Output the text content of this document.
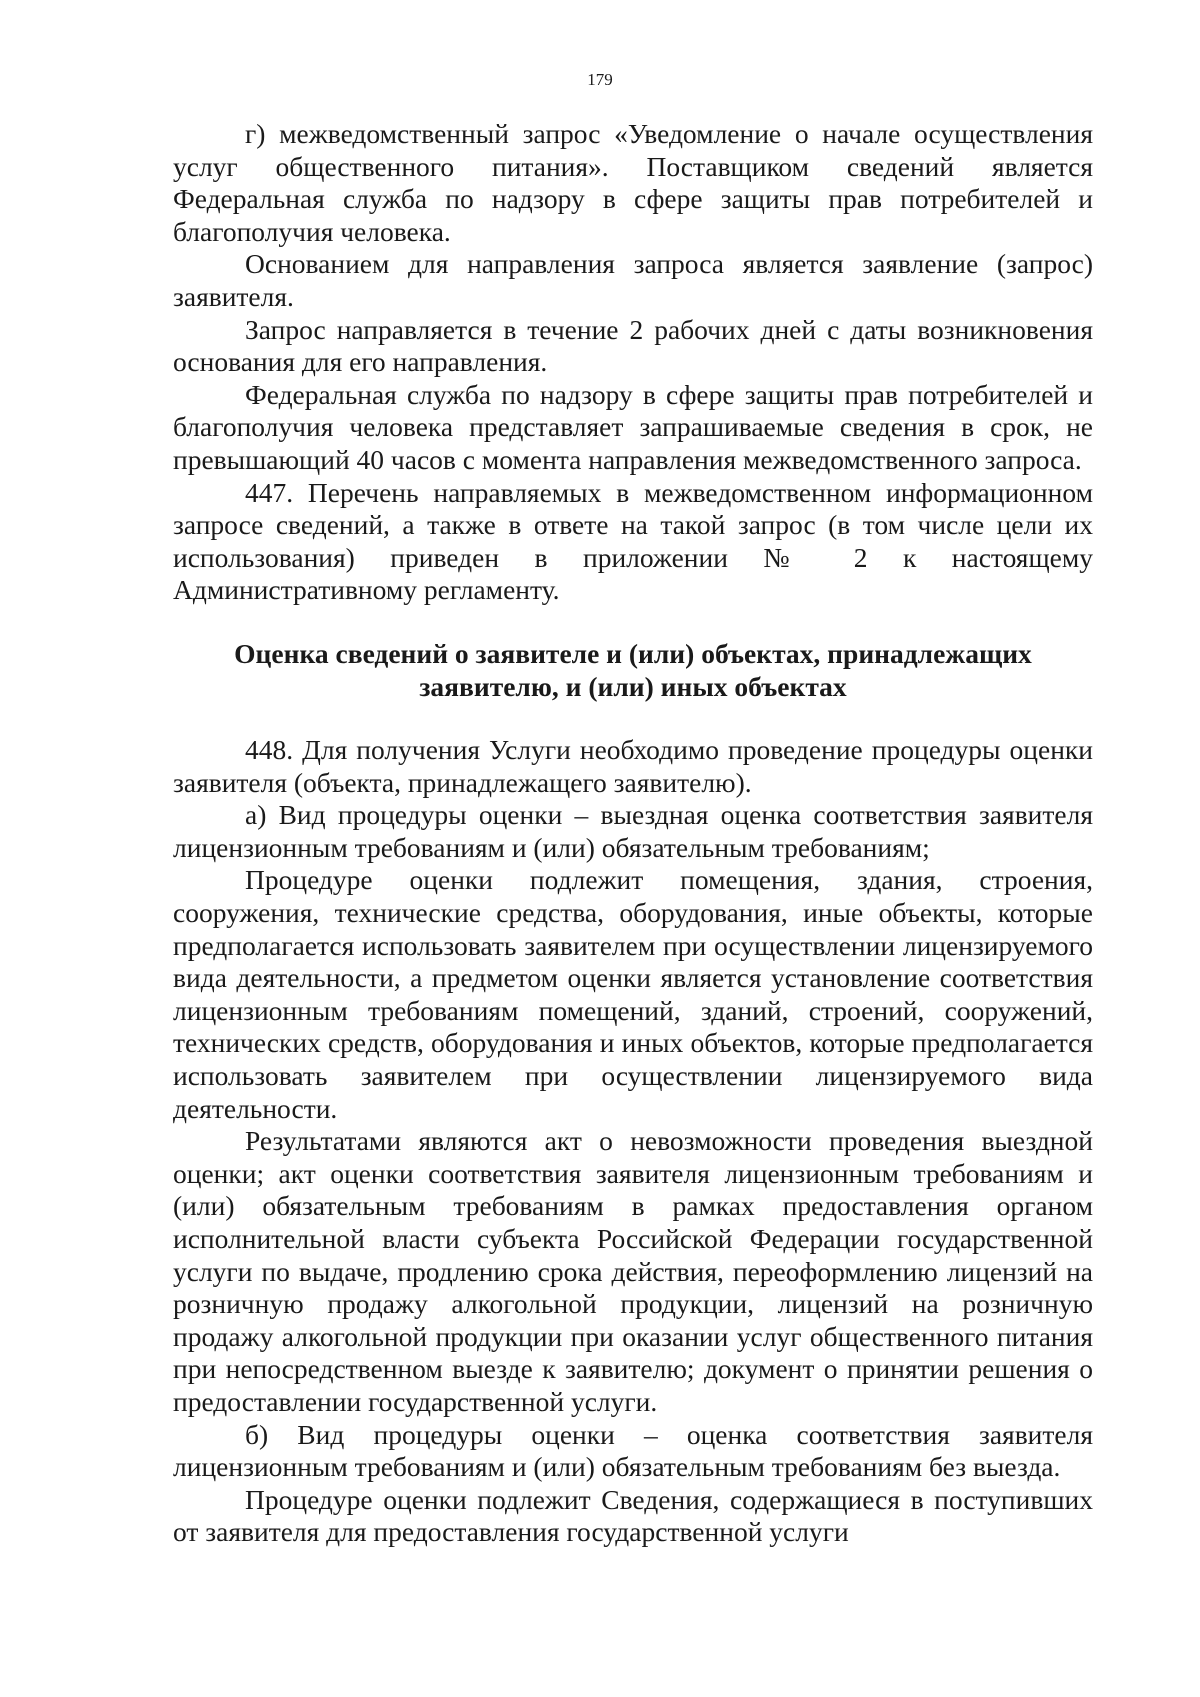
179

г) межведомственный запрос «Уведомление о начале осуществления услуг общественного питания». Поставщиком сведений является Федеральная служба по надзору в сфере защиты прав потребителей и благополучия человека.

Основанием для направления запроса является заявление (запрос) заявителя.

Запрос направляется в течение 2 рабочих дней с даты возникновения основания для его направления.

Федеральная служба по надзору в сфере защиты прав потребителей и благополучия человека представляет запрашиваемые сведения в срок, не превышающий 40 часов с момента направления межведомственного запроса.

447. Перечень направляемых в межведомственном информационном запросе сведений, а также в ответе на такой запрос (в том числе цели их использования) приведен в приложении № 2 к настоящему Административному регламенту.

Оценка сведений о заявителе и (или) объектах, принадлежащих заявителю, и (или) иных объектах

448. Для получения Услуги необходимо проведение процедуры оценки заявителя (объекта, принадлежащего заявителю).

а) Вид процедуры оценки – выездная оценка соответствия заявителя лицензионным требованиям и (или) обязательным требованиям;

Процедуре оценки подлежит помещения, здания, строения, сооружения, технические средства, оборудования, иные объекты, которые предполагается использовать заявителем при осуществлении лицензируемого вида деятельности, а предметом оценки является установление соответствия лицензионным требованиям помещений, зданий, строений, сооружений, технических средств, оборудования и иных объектов, которые предполагается использовать заявителем при осуществлении лицензируемого вида деятельности.

Результатами являются акт о невозможности проведения выездной оценки; акт оценки соответствия заявителя лицензионным требованиям и (или) обязательным требованиям в рамках предоставления органом исполнительной власти субъекта Российской Федерации государственной услуги по выдаче, продлению срока действия, переоформлению лицензий на розничную продажу алкогольной продукции, лицензий на розничную продажу алкогольной продукции при оказании услуг общественного питания при непосредственном выезде к заявителю; документ о принятии решения о предоставлении государственной услуги.

б) Вид процедуры оценки – оценка соответствия заявителя лицензионным требованиям и (или) обязательным требованиям без выезда.

Процедуре оценки подлежит Сведения, содержащиеся в поступивших от заявителя для предоставления государственной услуги
